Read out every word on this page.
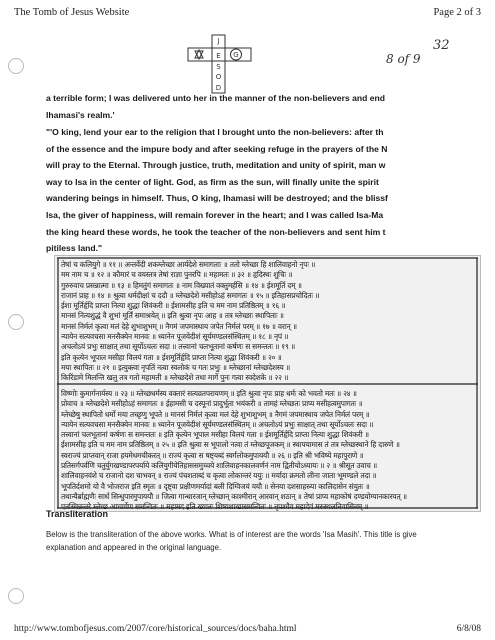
The Tomb of Jesus Website	Page 2 of 3
32
8 of 9
J
E
S
O
D
G
a terrible form; I was delivered unto her in the manner of the non-believers and end
Ihamasi's realm.'
"'O king, lend your ear to the religion that I brought unto the non-believers: after th
of the essence and the impure body and after seeking refuge in the prayers of the N
will pray to the Eternal. Through justice, truth, meditation and unity of spirit, man w
way to Isa in the center of light. God, as firm as the sun, will finally unite the spirit
wandering beings in himself. Thus, O king, Ihamasi will be destroyed; and the blissf
Isa, the giver of happiness, will remain forever in the heart; and I was called Isa-Ma
the king heard these words, he took the teacher of the non-believers and sent him t
pitiless land."
तेषां च कलियुगे ॥ ११ ॥ अन्तर्वेदी शकम्लेच्छा आर्यदेशे समागताः ॥ ततो म्लेच्छा हि शालिवाहनो नृपः ॥
मम नाम च ॥ १२ ॥ कौमारं च वयस्तत्र तेषां राज्ञा पुनरपि ॥ महामतः ॥ ३२ ॥ हृदिस्थः शुचिः ॥
गुरुरुवाच प्रसन्नात्मा ॥ १३ ॥ हिमतुंगं समागतः ॥ नाम विख्यातं वक्तुमर्हसि ॥ १४ ॥ ईशमूर्ति दम् ॥
राजानं प्राह ॥ १४ ॥ श्रुत्वा धर्मदीक्षां च ददौ ॥ म्लेच्छदेशे मसीहोऽहं समागतः ॥ १५ ॥ इतिहासप्रचोदितः ॥
ईशा मूर्तिर्हृदि प्राप्ता नित्या शुद्धा शिवंकरी ॥ ईशामसीह इति च मम नाम प्रतिष्ठितम् ॥ १६ ॥
मानसं नित्यशुद्धं वै शुभां मूर्तिं समाश्रयेत् ॥ इति श्रुत्वा नृपः आह ॥ तत्र म्लेच्छाः स्थापिताः ॥
मानसं निर्मलं कृत्वा मलं देहे शुभाशुभम् ॥ नैगमं जपमास्थाय जपेत निर्मलं परम् ॥ १७ ॥ वरान् ॥
न्यायेन सत्यवचसा मनसैक्येन मानवः ॥ ध्यानेन पूजयेदीशं सूर्यमण्डलसंस्थितम् ॥ १८ ॥ नृपं ॥
अचलोऽयं प्रभुः साक्षात् तथा सूर्योऽचलः सदा ॥ तत्त्वानां चलभूतानां कर्षणः स समन्ततः ॥ १९ ॥
इति कृत्येन भूपाल मसीहा विलयं गता ॥ ईशमूर्तिर्हृदि प्राप्ता नित्या शुद्धा शिवंकरी ॥ २० ॥
मया स्थापितः ॥ २१ ॥ इत्युक्त्वा नृपतिं नत्वा स्वलोकं च गतः प्रभुः ॥ म्लेच्छानां म्लेच्छदेशस्य ॥
किरिंडामे मिलन्ति खलु तत्र गतो महामती ॥ म्लेच्छदेशे तथा मार्गे पुनः गत्वा स्वदेशके ॥ २२ ॥
विष्णोः कुमार्गनार्यस्य ॥ २३ ॥ म्लेच्छधर्मस्य वक्तारं सत्यव्रतपरायणम् ॥ इति श्रुत्वा नृपः प्राह धर्मः को भवतो मतः ॥ २४ ॥
प्रोवाच ॥ म्लेच्छदेशे मसीहोऽहं समागतः ॥ ईहामसी च दस्यूनां प्रादुर्भूता भयंकरी ॥ तामहं म्लेच्छतः प्राप्य मसीहत्वमुपागतः ॥
म्लेच्छेषु स्थापितो धर्मो मया तच्छृणु भूपते ॥ मानसं निर्मलं कृत्वा मलं देहे शुभाशुभम् ॥ नैगमं जपमास्थाय जपेत निर्मलं परम् ॥
न्यायेन सत्यवचसा मनसैक्येन मानवः ॥ ध्यानेन पूजयेदीशं सूर्यमण्डलसंस्थितम् ॥ अचलोऽयं प्रभुः साक्षात् तथा सूर्योऽचलः सदा ॥
तत्त्वानां चलभूतानां कर्षणः स समन्ततः ॥ इति कृत्येन भूपाल मसीहा विलयं गता ॥ ईशमूर्तिर्हृदि प्राप्ता नित्या शुद्धा शिवंकरी ॥
ईशामसीह इति च मम नाम प्रतिष्ठितम् ॥ २५ ॥ इति श्रुत्वा स भूपालो नत्वा तं म्लेच्छपूजकम् ॥ स्थापयामास तं तत्र म्लेच्छस्थाने हि दारुणे ॥
स्वराज्यं प्राप्तवान् राजा हयमेधमचीकरत् ॥ राज्यं कृत्वा स षष्ट्यब्दं स्वर्गलोकमुपाययौ ॥ २६ ॥ इति श्री भविष्ये महापुराणे ॥
प्रतिसर्गपर्वणि चतुर्युगखण्डापरपर्याये कलियुगीयेतिहाससमुच्चये शालिवाहनकालवर्णनं नाम द्वितीयोऽध्यायः ॥ २ ॥ श्रीसूत उवाच ॥
शालिवाहनवंशे च राजानो दश चाभवन् ॥ राज्यं पंचशताब्दं च कृत्वा लोकान्तरं ययुः ॥ मर्यादा क्रमतो लीना जाता भूमण्डले तदा ॥
भूपतिर्दशमो यो वै भोजराज इति स्मृतः ॥ दृष्ट्वा प्रक्षीणमर्यादां बली दिग्विजयं ययौ ॥ सेनया दशसाहस्र्या कालिदासेन संयुतः ॥
तथान्यैर्ब्राह्मणैः सार्धं सिन्धुपारमुपाययौ ॥ जित्वा गान्धारजान् म्लेच्छान् काश्मीरान् आरवान् शठान् ॥ तेषां प्राप्य महाकोषं दण्डयोग्यानकारयत् ॥
एतस्मिन्नन्तरे म्लेच्छ आचार्येण समन्वितः ॥ महामद इति ख्यातः शिष्यशाखासमन्वितः ॥ नृपश्चैव महादेवं मरुस्थलनिवासिनम् ॥
Transliteration
Below is the transliteration of the above works. What is of interest are the words 'Isa Masih'. This title is give
explanation and appeared in the original language.
http://www.tombofjesus.com/2007/core/historical_sources/docs/baha.html	6/8/08
